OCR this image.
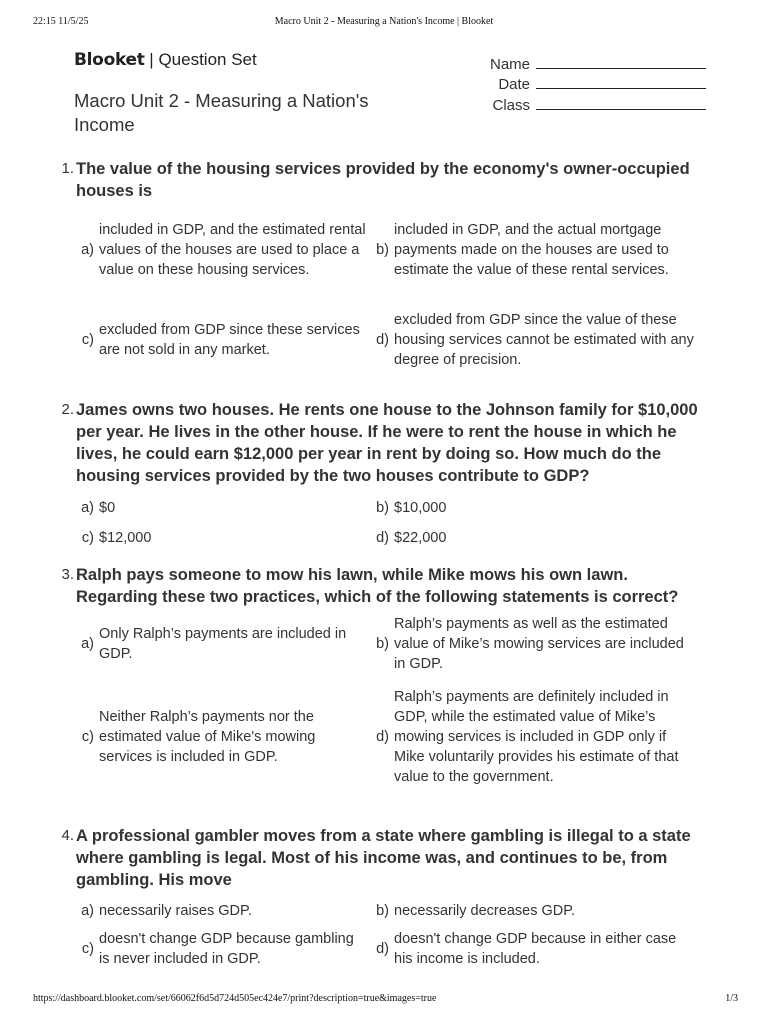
22:15 11/5/25	Macro Unit 2 - Measuring a Nation's Income | Blooket
Blooket | Question Set
Macro Unit 2 - Measuring a Nation's Income
Name
Date
Class
1. The value of the housing services provided by the economy's owner-occupied houses is
a)
included in GDP, and the estimated rental values of the houses are used to place a value on these housing services.
b)
included in GDP, and the actual mortgage payments made on the houses are used to estimate the value of these rental services.
c)
excluded from GDP since these services are not sold in any market.
d)
excluded from GDP since the value of these housing services cannot be estimated with any degree of precision.
2. James owns two houses. He rents one house to the Johnson family for $10,000 per year. He lives in the other house. If he were to rent the house in which he lives, he could earn $12,000 per year in rent by doing so. How much do the housing services provided by the two houses contribute to GDP?
a) $0	b) $10,000
c) $12,000	d) $22,000
3. Ralph pays someone to mow his lawn, while Mike mows his own lawn. Regarding these two practices, which of the following statements is correct?
a)
Only Ralph’s payments are included in GDP.
b)
Ralph’s payments as well as the estimated value of Mike’s mowing services are included in GDP.
c)
Neither Ralph’s payments nor the estimated value of Mike's mowing services is included in GDP.
d)
Ralph’s payments are definitely included in GDP, while the estimated value of Mike’s mowing services is included in GDP only if Mike voluntarily provides his estimate of that value to the government.
4. A professional gambler moves from a state where gambling is illegal to a state where gambling is legal. Most of his income was, and continues to be, from gambling. His move
a) necessarily raises GDP.	b) necessarily decreases GDP.
c)
doesn't change GDP because gambling is never included in GDP.
d)
doesn't change GDP because in either case his income is included.
https://dashboard.blooket.com/set/66062f6d5d724d505ec424e7/print?description=true&images=true	1/3
